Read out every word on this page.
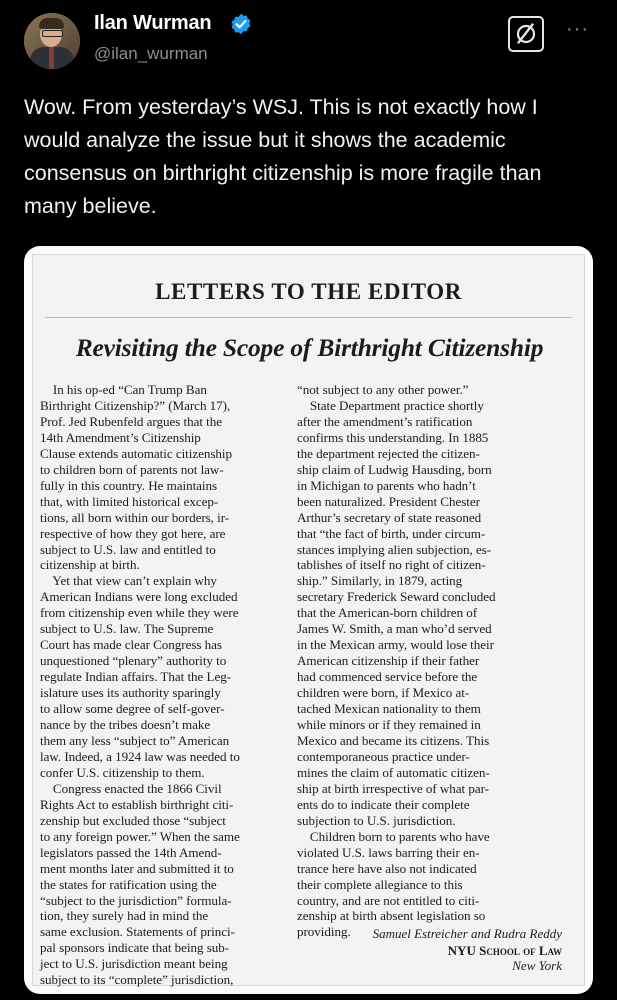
Ilan Wurman
@ilan_wurman
···

Wow. From yesterday’s WSJ. This is not exactly how I would analyze the issue but it shows the academic consensus on birthright citizenship is more fragile than many believe.

LETTERS TO THE EDITOR
Revisiting the Scope of Birthright Citizenship
In his op-ed “Can Trump Ban
Birthright Citizenship?” (March 17),
Prof. Jed Rubenfeld argues that the
14th Amendment’s Citizenship
Clause extends automatic citizenship
to children born of parents not law-
fully in this country. He maintains
that, with limited historical excep-
tions, all born within our borders, ir-
respective of how they got here, are
subject to U.S. law and entitled to
citizenship at birth.
Yet that view can’t explain why
American Indians were long excluded
from citizenship even while they were
subject to U.S. law. The Supreme
Court has made clear Congress has
unquestioned “plenary” authority to
regulate Indian affairs. That the Leg-
islature uses its authority sparingly
to allow some degree of self-gover-
nance by the tribes doesn’t make
them any less “subject to” American
law. Indeed, a 1924 law was needed to
confer U.S. citizenship to them.
Congress enacted the 1866 Civil
Rights Act to establish birthright citi-
zenship but excluded those “subject
to any foreign power.” When the same
legislators passed the 14th Amend-
ment months later and submitted it to
the states for ratification using the
“subject to the jurisdiction” formula-
tion, they surely had in mind the
same exclusion. Statements of princi-
pal sponsors indicate that being sub-
ject to U.S. jurisdiction meant being
subject to its “complete” jurisdiction,
“not subject to any other power.”
State Department practice shortly
after the amendment’s ratification
confirms this understanding. In 1885
the department rejected the citizen-
ship claim of Ludwig Hausding, born
in Michigan to parents who hadn’t
been naturalized. President Chester
Arthur’s secretary of state reasoned
that “the fact of birth, under circum-
stances implying alien subjection, es-
tablishes of itself no right of citizen-
ship.” Similarly, in 1879, acting
secretary Frederick Seward concluded
that the American-born children of
James W. Smith, a man who’d served
in the Mexican army, would lose their
American citizenship if their father
had commenced service before the
children were born, if Mexico at-
tached Mexican nationality to them
while minors or if they remained in
Mexico and became its citizens. This
contemporaneous practice under-
mines the claim of automatic citizen-
ship at birth irrespective of what par-
ents do to indicate their complete
subjection to U.S. jurisdiction.
Children born to parents who have
violated U.S. laws barring their en-
trance here have also not indicated
their complete allegiance to this
country, and are not entitled to citi-
zenship at birth absent legislation so
providing.	Samuel Estreicher and Rudra Reddy
NYU School of Law
New York
